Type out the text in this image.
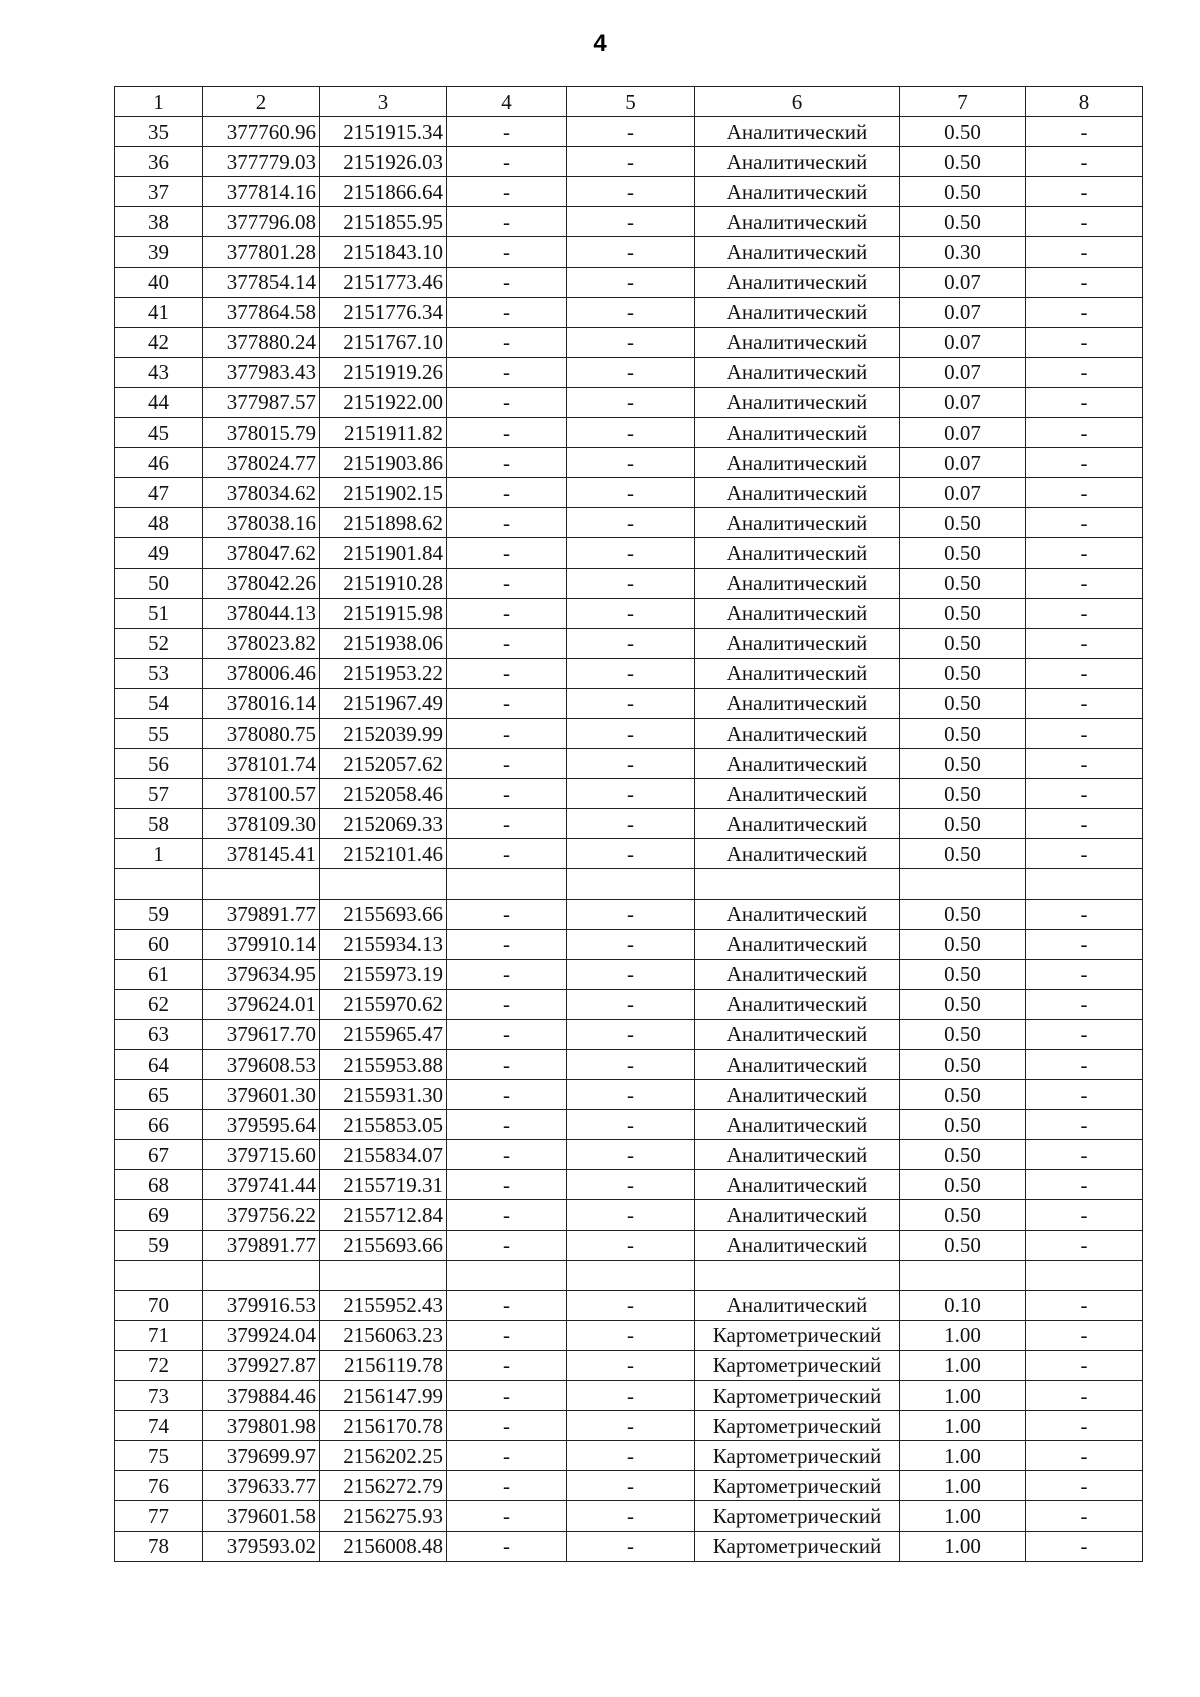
4
1	2	3	4	5	6	7	8
35	377760.96	2151915.34	-	-	Аналитический	0.50	-
36	377779.03	2151926.03	-	-	Аналитический	0.50	-
37	377814.16	2151866.64	-	-	Аналитический	0.50	-
38	377796.08	2151855.95	-	-	Аналитический	0.50	-
39	377801.28	2151843.10	-	-	Аналитический	0.30	-
40	377854.14	2151773.46	-	-	Аналитический	0.07	-
41	377864.58	2151776.34	-	-	Аналитический	0.07	-
42	377880.24	2151767.10	-	-	Аналитический	0.07	-
43	377983.43	2151919.26	-	-	Аналитический	0.07	-
44	377987.57	2151922.00	-	-	Аналитический	0.07	-
45	378015.79	2151911.82	-	-	Аналитический	0.07	-
46	378024.77	2151903.86	-	-	Аналитический	0.07	-
47	378034.62	2151902.15	-	-	Аналитический	0.07	-
48	378038.16	2151898.62	-	-	Аналитический	0.50	-
49	378047.62	2151901.84	-	-	Аналитический	0.50	-
50	378042.26	2151910.28	-	-	Аналитический	0.50	-
51	378044.13	2151915.98	-	-	Аналитический	0.50	-
52	378023.82	2151938.06	-	-	Аналитический	0.50	-
53	378006.46	2151953.22	-	-	Аналитический	0.50	-
54	378016.14	2151967.49	-	-	Аналитический	0.50	-
55	378080.75	2152039.99	-	-	Аналитический	0.50	-
56	378101.74	2152057.62	-	-	Аналитический	0.50	-
57	378100.57	2152058.46	-	-	Аналитический	0.50	-
58	378109.30	2152069.33	-	-	Аналитический	0.50	-
1	378145.41	2152101.46	-	-	Аналитический	0.50	-

59	379891.77	2155693.66	-	-	Аналитический	0.50	-
60	379910.14	2155934.13	-	-	Аналитический	0.50	-
61	379634.95	2155973.19	-	-	Аналитический	0.50	-
62	379624.01	2155970.62	-	-	Аналитический	0.50	-
63	379617.70	2155965.47	-	-	Аналитический	0.50	-
64	379608.53	2155953.88	-	-	Аналитический	0.50	-
65	379601.30	2155931.30	-	-	Аналитический	0.50	-
66	379595.64	2155853.05	-	-	Аналитический	0.50	-
67	379715.60	2155834.07	-	-	Аналитический	0.50	-
68	379741.44	2155719.31	-	-	Аналитический	0.50	-
69	379756.22	2155712.84	-	-	Аналитический	0.50	-
59	379891.77	2155693.66	-	-	Аналитический	0.50	-

70	379916.53	2155952.43	-	-	Аналитический	0.10	-
71	379924.04	2156063.23	-	-	Картометрический	1.00	-
72	379927.87	2156119.78	-	-	Картометрический	1.00	-
73	379884.46	2156147.99	-	-	Картометрический	1.00	-
74	379801.98	2156170.78	-	-	Картометрический	1.00	-
75	379699.97	2156202.25	-	-	Картометрический	1.00	-
76	379633.77	2156272.79	-	-	Картометрический	1.00	-
77	379601.58	2156275.93	-	-	Картометрический	1.00	-
78	379593.02	2156008.48	-	-	Картометрический	1.00	-
